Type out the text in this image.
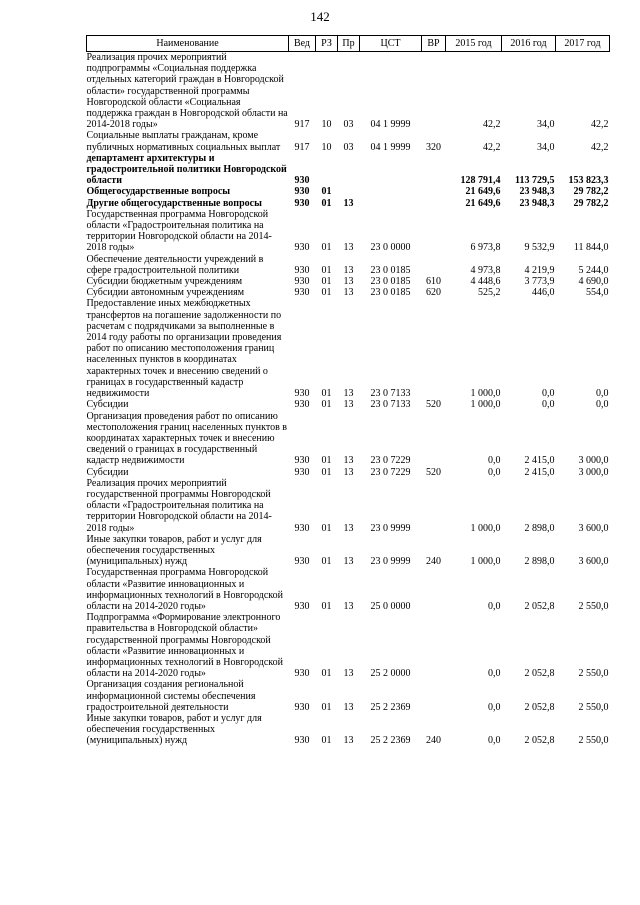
142
Наименование	Вед	РЗ	Пр	ЦСТ	ВР	2015 год	2016 год	2017 год
Реализация прочих мероприятий подпрограммы «Социальная поддержка отдельных категорий граждан в Новгородской области» государственной программы Новгородской области «Социальная поддержка граждан в Новгородской области на 2014-2018 годы»	917	10	03	04 1 9999		42,2	34,0	42,2
Социальные выплаты гражданам, кроме публичных нормативных социальных выплат	917	10	03	04 1 9999	320	42,2	34,0	42,2
департамент архитектуры и градостроительной политики Новгородской области	930					128 791,4	113 729,5	153 823,3
Общегосударственные вопросы	930	01				21 649,6	23 948,3	29 782,2
Другие общегосударственные вопросы	930	01	13			21 649,6	23 948,3	29 782,2
Государственная программа Новгородской области «Градостроительная политика на территории Новгородской области на 2014-2018 годы»	930	01	13	23 0 0000		6 973,8	9 532,9	11 844,0
Обеспечение деятельности учреждений в сфере градостроительной политики	930	01	13	23 0 0185		4 973,8	4 219,9	5 244,0
Субсидии бюджетным учреждениям	930	01	13	23 0 0185	610	4 448,6	3 773,9	4 690,0
Субсидии автономным учреждениям	930	01	13	23 0 0185	620	525,2	446,0	554,0
Предоставление иных межбюджетных трансфертов на погашение задолженности по расчетам с подрядчиками за выполненные в 2014 году работы по организации проведения работ по описанию местоположения границ населенных пунктов в координатах характерных точек и внесению сведений о границах в государственный кадастр недвижимости	930	01	13	23 0 7133		1 000,0	0,0	0,0
Субсидии	930	01	13	23 0 7133	520	1 000,0	0,0	0,0
Организация проведения работ по описанию местоположения границ населенных пунктов в координатах характерных точек и внесению сведений о границах в государственный кадастр недвижимости	930	01	13	23 0 7229		0,0	2 415,0	3 000,0
Субсидии	930	01	13	23 0 7229	520	0,0	2 415,0	3 000,0
Реализация прочих мероприятий государственной программы Новгородской области «Градостроительная политика на территории Новгородской области на 2014-2018 годы»	930	01	13	23 0 9999		1 000,0	2 898,0	3 600,0
Иные закупки товаров, работ и услуг для обеспечения государственных (муниципальных) нужд	930	01	13	23 0 9999	240	1 000,0	2 898,0	3 600,0
Государственная программа Новгородской области «Развитие инновационных и информационных технологий в Новгородской области на 2014-2020 годы»	930	01	13	25 0 0000		0,0	2 052,8	2 550,0
Подпрограмма «Формирование электронного правительства в Новгородской области» государственной программы Новгородской области «Развитие инновационных и информационных технологий в Новгородской области на 2014-2020 годы»	930	01	13	25 2 0000		0,0	2 052,8	2 550,0
Организация создания региональной информационной системы обеспечения градостроительной деятельности	930	01	13	25 2 2369		0,0	2 052,8	2 550,0
Иные закупки товаров, работ и услуг для обеспечения государственных (муниципальных) нужд	930	01	13	25 2 2369	240	0,0	2 052,8	2 550,0
